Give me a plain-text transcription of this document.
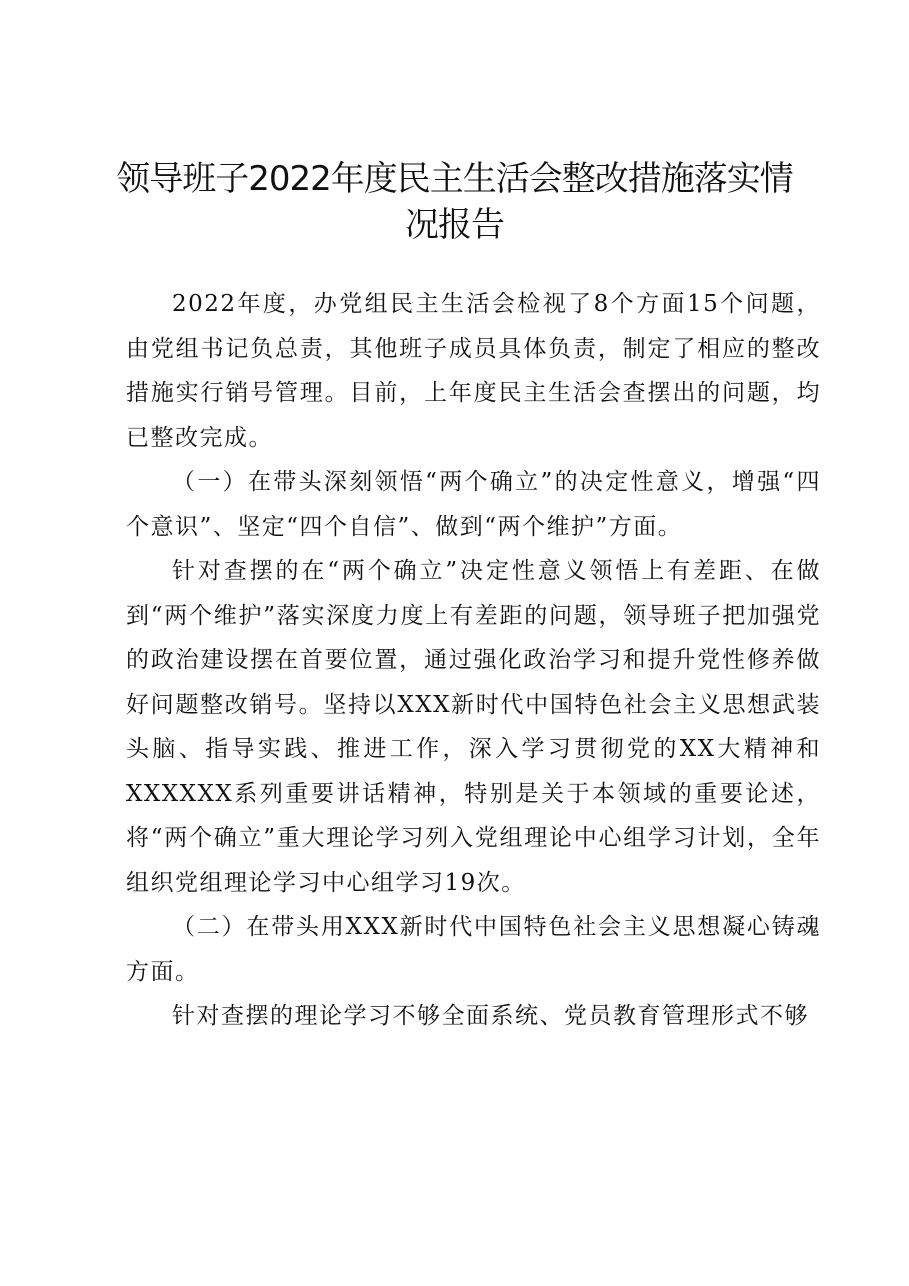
领导班子2022年度民主生活会整改措施落实情况报告

2022年度，办党组民主生活会检视了8个方面15个问题，由党组书记负总责，其他班子成员具体负责，制定了相应的整改措施实行销号管理。目前，上年度民主生活会查摆出的问题，均已整改完成。

（一）在带头深刻领悟“两个确立”的决定性意义，增强“四个意识”、坚定“四个自信”、做到“两个维护”方面。

针对查摆的在“两个确立”决定性意义领悟上有差距、在做到“两个维护”落实深度力度上有差距的问题，领导班子把加强党的政治建设摆在首要位置，通过强化政治学习和提升党性修养做好问题整改销号。坚持以XXX新时代中国特色社会主义思想武装头脑、指导实践、推进工作，深入学习贯彻党的XX大精神和XXXXXX系列重要讲话精神，特别是关于本领域的重要论述，将“两个确立”重大理论学习列入党组理论中心组学习计划，全年组织党组理论学习中心组学习19次。

（二）在带头用XXX新时代中国特色社会主义思想凝心铸魂方面。

针对查摆的理论学习不够全面系统、党员教育管理形式不够
